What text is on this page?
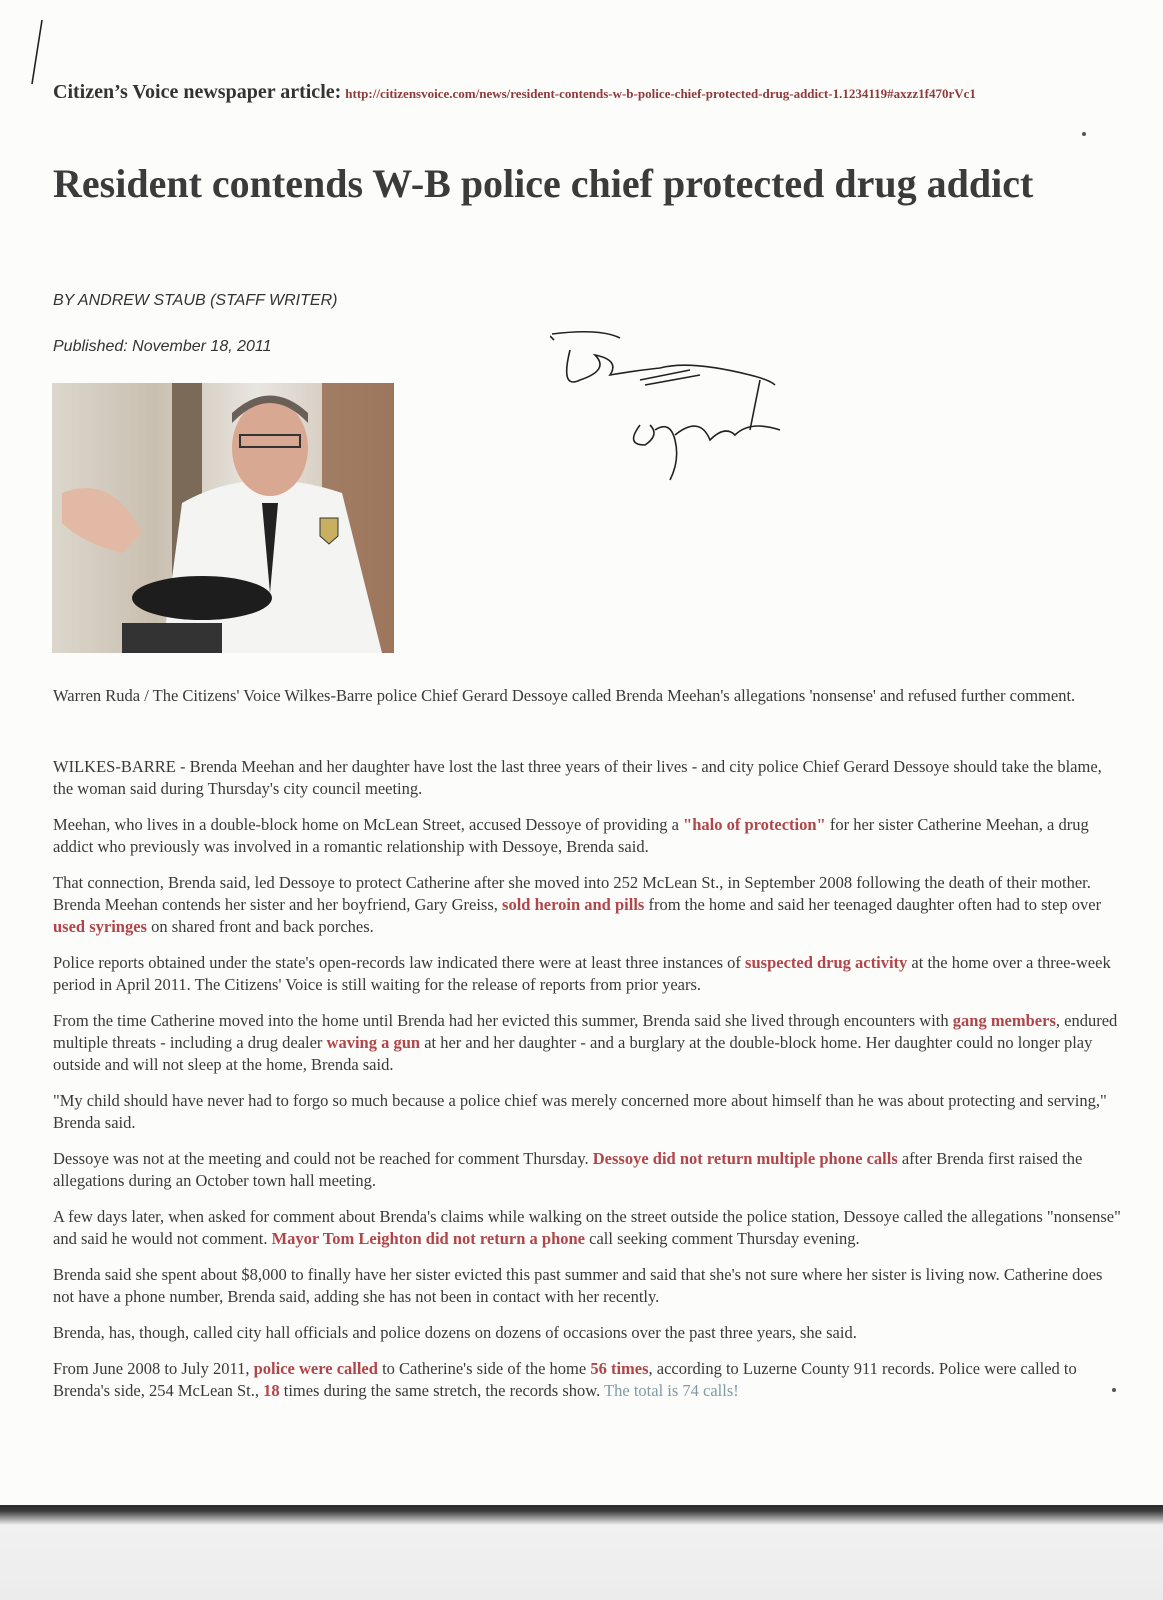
Citizen’s Voice newspaper article: http://citizensvoice.com/news/resident-contends-w-b-police-chief-protected-drug-addict-1.1234119#axzz1f470rVc1
Resident contends W-B police chief protected drug addict
BY ANDREW STAUB (STAFF WRITER)
Published: November 18, 2011
Warren Ruda / The Citizens' Voice Wilkes-Barre police Chief Gerard Dessoye called Brenda Meehan's allegations 'nonsense' and refused further comment.

WILKES-BARRE - Brenda Meehan and her daughter have lost the last three years of their lives - and city police Chief Gerard Dessoye should take the blame, the woman said during Thursday's city council meeting.

Meehan, who lives in a double-block home on McLean Street, accused Dessoye of providing a "halo of protection" for her sister Catherine Meehan, a drug addict who previously was involved in a romantic relationship with Dessoye, Brenda said.

That connection, Brenda said, led Dessoye to protect Catherine after she moved into 252 McLean St., in September 2008 following the death of their mother. Brenda Meehan contends her sister and her boyfriend, Gary Greiss, sold heroin and pills from the home and said her teenaged daughter often had to step over used syringes on shared front and back porches.

Police reports obtained under the state's open-records law indicated there were at least three instances of suspected drug activity at the home over a three-week period in April 2011. The Citizens' Voice is still waiting for the release of reports from prior years.

From the time Catherine moved into the home until Brenda had her evicted this summer, Brenda said she lived through encounters with gang members, endured multiple threats - including a drug dealer waving a gun at her and her daughter - and a burglary at the double-block home. Her daughter could no longer play outside and will not sleep at the home, Brenda said.

"My child should have never had to forgo so much because a police chief was merely concerned more about himself than he was about protecting and serving," Brenda said.

Dessoye was not at the meeting and could not be reached for comment Thursday. Dessoye did not return multiple phone calls after Brenda first raised the allegations during an October town hall meeting.

A few days later, when asked for comment about Brenda's claims while walking on the street outside the police station, Dessoye called the allegations "nonsense" and said he would not comment. Mayor Tom Leighton did not return a phone call seeking comment Thursday evening.

Brenda said she spent about $8,000 to finally have her sister evicted this past summer and said that she's not sure where her sister is living now. Catherine does not have a phone number, Brenda said, adding she has not been in contact with her recently.

Brenda, has, though, called city hall officials and police dozens on dozens of occasions over the past three years, she said.

From June 2008 to July 2011, police were called to Catherine's side of the home 56 times, according to Luzerne County 911 records. Police were called to Brenda's side, 254 McLean St., 18 times during the same stretch, the records show. The total is 74 calls!
